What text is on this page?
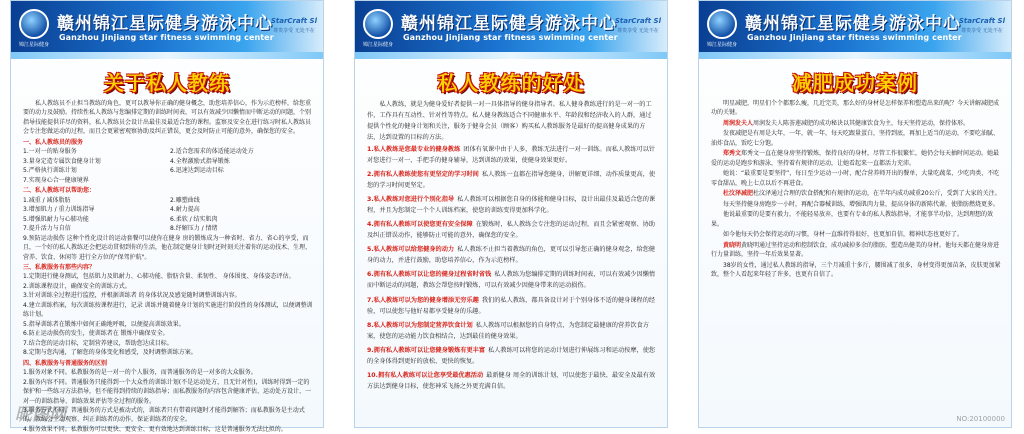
锦江星际健身
赣州锦江星际健身游泳中心
Ganzhou Jinjiang star fitness swimming center
StarCraft Sl
尊贵享受 无处不在
关于私人教练

私人教练员不止担当教练的角色，更可以教导你正确的健身概念，助您培养信心，作为示范榜样，给您重要的动力及鼓励。持续性私人教练与您编排定期的训练时间表，可以有效减少因懒惰而中断运动的问题，个别指导技能提供详尽的资料，私人教练员会设计出最佳及最适合您的课程。监察及安全在进行练习时私人教练员会专注您做运动的过程，而且会更紧密观察协助及纠正错误，更会及时防止可能的意外，确保您的安全。

一、私人教练员的服务
1.一对一的贴身服务	2.适合您需求的体适能运动处方
3.量身定造专属饮食健身计划	4.全程激励式指导锻炼
5.严格执行训练计划	6.迅速达到运动目标
7.实现身心合一健康境界
二、私人教练可以帮助您：
1.减重 / 减体脂肪	2.雕塑曲线
3.增加肌力 / 重力训练指导	4.耐力提高
5.增强肌耐力与心肺功能	6.柔软 / 结实肌肉
7.提升活力与自信	8.纾解压力 / 情绪
9.预防运动损伤 这种个性化设计的运动套餐可以使你在健身 房的锻炼成为一种省时、省力、省心的享受，而且，一个好的私人教练还会把运动贯彻到你的生活，他在制定健身计划时还时刻关注着你的运动技术、生理、营养、饮食、休闲等 进行全方位的"保驾护航"。
三、私教服务有那些内容？
1.定期进行健身测试，包括肌力及肌耐力、心肺功能、脂肪含量、柔韧性、 身体围度、身体姿态评估。
2.训练课程设计，确保安全的训练方式。
3.针对训练全过程进行监控，并根据训练者 的身体状况及感觉随时调整训练内容。
4.建立训练档案，每次训练按课程进行，记录 训练并随着健身计划的实施进行阶段性的身体测试，以便调整训练计划。
5.指导训练者在锻炼中如何正确地呼吸，以便提高训练效果。
6.防止运动损伤的发生，使训练者在 锻炼中确保安全。
7.结合您的运动目标，定制营养建议，帮助您达成目标。
8.定期与您沟通，了解您的身体变化和感受，及时调整训练方案。
四、私教服务与普通服务的区别
1.服务对象不同。私教服务的是一对一的个人服务，而普通服务的是一对多的大众服务。
2.服务内容不同。普通服务只能得到一个大众性的训练计划(不是运动处方，且无针对性)，训练时得到一定的保护和一些练习方法指导，但不能得到持续的训练指导；而私教服务的内容包含健康评估、运动处方设计、一对一的训练指导、训练效果评估等全过程的服务。
3.服务方式不同。普通服务的方式是被动式的，训练者只有带着问题时才能得到解答；而私教服务是主动式的，教练会主动观察、纠正训练者的动作，保证训练者的安全。
4.服务效果不同。私教服务可以更快、更安全、更有效地达到训练目标，这是普通服务无法比拟的。
昵图网
锦江星际健身
赣州锦江星际健身游泳中心
Ganzhou Jinjiang star fitness swimming center
StarCraft Sl
尊贵享受 无处不在
私人教练的好处

私人教练，就是为健身爱好者提供一对一具体指导的健身指导者。私人健身教练进行的是一对一的工作，工作具有互动性、针对性等特点。私人健身教练适合不同健康水平、年龄段和经济收入的人群，通过提供个性化的健身计划和关注，服务于健身会员（顾客）购买私人教练服务是最好的提高健身成果的方法，达到设置的目标的方法。

1.私人教练是您最专业的健身教练 团体有氧课中由于人多，教练无法进行一对一训练。而私人教练可以针对您进行一对一、手把手的健身辅导，达到训练的效果，使健身效果更好。
2.拥有私人教练使您有更坚定的学习时间 私人教练一直都在指导您健身，讲解更详细、动作质量更高，使您的学习时间更坚定。
3.私人教练对您进行个别化指导 私人教练可以根据您自身的体能和健身目标，设计出最佳及最适合您的课程，并且为您制定一个个人训练档案，使您的训练变得更加科学化。
4.拥有私人教练可以使您更有安全保障 在锻炼时，私人教练会专注您的运动过程，而且会紧密观察、协助及纠正错误动作，能够防止可能的意外，确保您的安全。
5.私人教练可以给您健身的动力 私人教练不止担当着教练的角色，更可以引导您正确的健身观念，给您健身的动力，并进行鼓励，助您培养信心，作为示范榜样。
6.拥有私人教练可以让您的健身过程省时省钱 私人教练为您编排定期的训练时间表，可以有效减少因懒惰而中断运动的问题，教练会帮您按时锻炼，可以有效减少因健身带来的运动损伤。
7.私人教练可以为您的健身增添无穷乐趣 我们的私人教练，都具备设计对于个别身体不适的健身课程的经验，可以使您与他好易都享受健身的乐趣。
8.私人教练可以为您制定营养饮食计划 私人教练可以根据您的自身特点，为您制定最健康的营养饮食方案，使您的运动能力饮食相结合，达到最佳的健身效果。
9.拥有私人教练可以让您健身锻炼有更丰富 私人教练可以将您的运动计划进行伸展练习和运动按摩，使您的全身体得到更好的放松、更快的恢复。
10.拥有私人教练可以让您享受最优惠活动 最新健身 周全的训练计划，可以使您于最快、最安全及最有效方法达到健身目标，使您神采飞扬之外更充满自信。
锦江星际健身
赣州锦江星际健身游泳中心
Ganzhou Jinjiang star fitness swimming center
StarCraft Sl
尊贵享受 无处不在
减肥成功案例

明星减肥，明星们个个都那么瘦，几近完美，那么好的身材是怎样保养和塑造出来的呢？今天讲解减肥成功的关键。

周润发夫人周润发夫人陈荟莲减肥的成功秘诀以其健康饮食为主，每天坚持运动，保持体形。

发夜减肥是有周是大年，一年，就一年，每天吃跟量蛋白，坚持到底，再加上适当的运动，不要吃油腻、油炸食品，饭吃七分饱。

郑秀文郑秀文一直在健身房坚持锻炼，保持良好的身材，尽管工作很繁忙，她仍会每天抽时间运动。她最爱的运动是跑步和游泳，坚持着有规律的运动，让她看起来一直都活力充沛。

她说：“最重要是要坚持”，每日至少运动一小时，配合营养师开出的餐单，大量吃蔬菜，少吃肉类，不吃零食甜品，晚上七点以后不再进食。

杜汶泽减肥杜汶泽通过合理的饮食搭配和有规律的运动，在半年内成功减重20公斤，受到了大家的关注。

每天坚持健身房跑步一小时，再配合器械训练，增强肌肉力量，提高身体的新陈代谢，使脂肪燃烧更多。

他说最重要的是要有毅力，不能轻易放弃，也要有专业的私人教练指导，才能事半功倍，达到理想的效果。

如今他每天仍会保持运动的习惯，身材一直维持得很好，也更加自信，精神状态也更好了。

黄晓明黄晓明通过坚持运动和控制饮食，成功减掉多余的脂肪，塑造出健美的身材。他每天都在健身房进行力量训练，坚持一年后效果显著。

38岁的女性，通过私人教练的指导，三个月减重十多斤，腰围减了很多，身材变得更加苗条，皮肤更加紧致，整个人看起来年轻了许多，也更有自信了。

NO:20100000
